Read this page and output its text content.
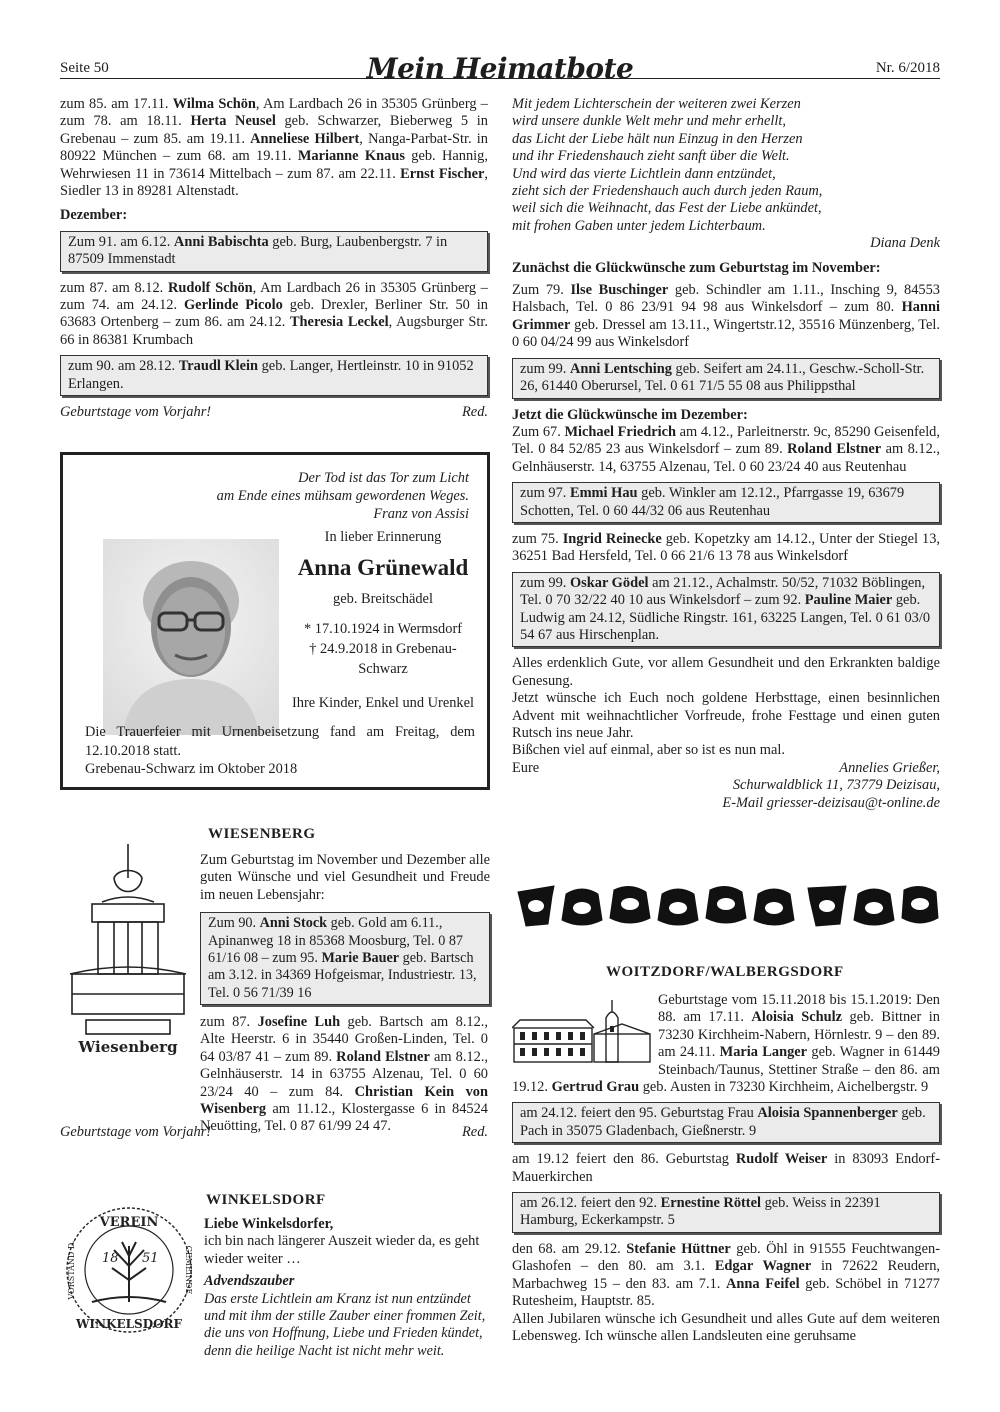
Seite 50	Mein Heimatbote	Nr. 6/2018

zum 85. am 17.11. Wilma Schön, Am Lardbach 26 in 35305 Grünberg – zum 78. am 18.11. Herta Neusel geb. Schwarzer, Bieberweg 5 in Grebenau – zum 85. am 19.11. Anneliese Hilbert, Nanga-Parbat-Str. in 80922 München – zum 68. am 19.11. Marianne Knaus geb. Hannig, Wehrwiesen 11 in 73614 Mittelbach – zum 87. am 22.11. Ernst Fischer, Siedler 13 in 89281 Altenstadt.

Dezember:
Zum 91. am 6.12. Anni Babischta geb. Burg, Laubenbergstr. 7 in 87509 Immenstadt

zum 87. am 8.12. Rudolf Schön, Am Lardbach 26 in 35305 Grünberg – zum 74. am 24.12. Gerlinde Picolo geb. Drexler, Berliner Str. 50 in 63683 Ortenberg – zum 86. am 24.12. Theresia Leckel, Augsburger Str. 66 in 86381 Krumbach

zum 90. am 28.12. Traudl Klein geb. Langer, Hertleinstr. 10 in 91052 Erlangen.
Geburtstage vom Vorjahr!	Red.
Der Tod ist das Tor zum Licht
am Ende eines mühsam gewordenen Weges.
Franz von Assisi
In lieber Erinnerung
Anna Grünewald
geb. Breitschädel
* 17.10.1924 in Wermsdorf
† 24.9.2018 in Grebenau-Schwarz
Ihre Kinder, Enkel und Urenkel

Die Trauerfeier mit Urnenbeisetzung fand am Freitag, dem 12.10.2018 statt.

Grebenau-Schwarz im Oktober 2018

Wiesenberg
WIESENBERG

Zum Geburtstag im November und Dezember alle guten Wünsche und viel Gesundheit und Freude im neuen Lebensjahr:

Zum 90. Anni Stock geb. Gold am 6.11., Apinanweg 18 in 85368 Moosburg, Tel. 0 87 61/16 08 – zum 95. Marie Bauer geb. Bartsch am 3.12. in 34369 Hofgeismar, Industriestr. 13, Tel. 0 56 71/39 16

zum 87. Josefine Luh geb. Bartsch am 8.12., Alte Heerstr. 6 in 35440 Großen-Linden, Tel. 0 64 03/87 41 – zum 89. Roland Elstner am 8.12., Gelnhäuserstr. 14 in 63755 Alzenau, Tel. 0 60 23/24 40 – zum 84. Christian Kein von Wisenberg am 11.12., Klostergasse 6 in 84524 Neuötting, Tel. 0 87 61/99 24 47.

Geburtstage vom Vorjahr!	Red.
VEREIN
WINKELSDORF
VORSTAND D.	GEMEINDE
18 51
WINKELSDORF
Liebe Winkelsdorfer,

ich bin nach längerer Auszeit wieder da, es geht wieder weiter …

Advendszauber

Das erste Lichtlein am Kranz ist nun entzündet und mit ihm der stille Zauber einer frommen Zeit, die uns von Hoffnung, Liebe und Frieden kündet, denn die heilige Nacht ist nicht mehr weit.

Mit jedem Lichterschein der weiteren zwei Kerzen
wird unsere dunkle Welt mehr und mehr erhellt,
das Licht der Liebe hält nun Einzug in den Herzen
und ihr Friedenshauch zieht sanft über die Welt.
Und wird das vierte Lichtlein dann entzündet,
zieht sich der Friedenshauch auch durch jeden Raum,
weil sich die Weihnacht, das Fest der Liebe ankündet,
mit frohen Gaben unter jedem Lichterbaum.
Diana Denk
Zunächst die Glückwünsche zum Geburtstag im November:

Zum 79. Ilse Buschinger geb. Schindler am 1.11., Insching 9, 84553 Halsbach, Tel. 0 86 23/91 94 98 aus Winkelsdorf – zum 80. Hanni Grimmer geb. Dressel am 13.11., Wingertstr.12, 35516 Münzenberg, Tel. 0 60 04/24 99 aus Winkelsdorf

zum 99. Anni Lentsching geb. Seifert am 24.11., Geschw.-Scholl-Str. 26, 61440 Oberursel, Tel. 0 61 71/5 55 08 aus Philippsthal
Jetzt die Glückwünsche im Dezember:

Zum 67. Michael Friedrich am 4.12., Parleitnerstr. 9c, 85290 Geisenfeld, Tel. 0 84 52/85 23 aus Winkelsdorf – zum 89. Roland Elstner am 8.12., Gelnhäuserstr. 14, 63755 Alzenau, Tel. 0 60 23/24 40 aus Reutenhau

zum 97. Emmi Hau geb. Winkler am 12.12., Pfarrgasse 19, 63679 Schotten, Tel. 0 60 44/32 06 aus Reutenhau

zum 75. Ingrid Reinecke geb. Kopetzky am 14.12., Unter der Stiegel 13, 36251 Bad Hersfeld, Tel. 0 66 21/6 13 78 aus Winkelsdorf

zum 99. Oskar Gödel am 21.12., Achalmstr. 50/52, 71032 Böblingen, Tel. 0 70 32/22 40 10 aus Winkelsdorf – zum 92. Pauline Maier geb. Ludwig am 24.12, Südliche Ringstr. 161, 63225 Langen, Tel. 0 61 03/0 54 67 aus Hirschenplan.

Alles erdenklich Gute, vor allem Gesundheit und den Erkrankten baldige Genesung.

Jetzt wünsche ich Euch noch goldene Herbsttage, einen besinnlichen Advent mit weihnachtlicher Vorfreude, frohe Festtage und einen guten Rutsch ins neue Jahr.

Bißchen viel auf einmal, aber so ist es nun mal.

Eure	Annelies Grießer,
Schurwaldblick 11, 73779 Deizisau,
E-Mail griesser-deizisau@t-online.de
WOITZDORF/WALBERGSDORF

Geburtstage vom 15.11.2018 bis 15.1.2019: Den 88. am 17.11. Aloisia Schulz geb. Bittner in 73230 Kirchheim-Nabern, Hörnlestr. 9 – den 89. am 24.11. Maria Langer geb. Wagner in 61449 Steinbach/Taunus, Stettiner Straße – den 86. am 19.12. Gertrud Grau geb. Austen in 73230 Kirchheim, Aichelbergstr. 9

am 24.12. feiert den 95. Geburtstag Frau Aloisia Spannenberger geb. Pach in 35075 Gladenbach, Gießnerstr. 9

am 19.12 feiert den 86. Geburtstag Rudolf Weiser in 83093 Endorf-Mauerkirchen

am 26.12. feiert den 92. Ernestine Röttel geb. Weiss in 22391 Hamburg, Eckerkampstr. 5

den 68. am 29.12. Stefanie Hüttner geb. Öhl in 91555 Feuchtwangen-Glashofen – den 80. am 3.1. Edgar Wagner in 72622 Reudern, Marbachweg 15 – den 83. am 7.1. Anna Feifel geb. Schöbel in 71277 Rutesheim, Hauptstr. 85.

Allen Jubilaren wünsche ich Gesundheit und alles Gute auf dem weiteren Lebensweg. Ich wünsche allen Landsleuten eine geruhsame
